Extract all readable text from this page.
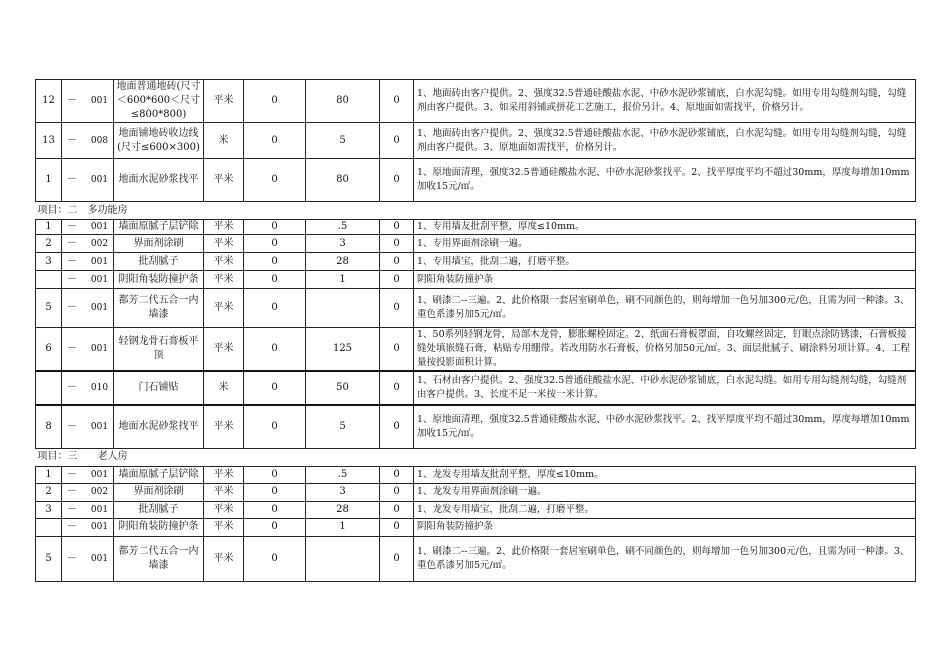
12	－ 001	地面普通地砖(尺寸＜600*600＜尺寸≤800*800)	平米	0	80	0	1、地面砖由客户提供。2、强度32.5普通硅酸盐水泥、中砂水泥砂浆铺底，白水泥勾缝。如用专用勾缝剂勾缝，勾缝剂由客户提供。3、如采用斜铺或拼花工艺施工，报价另计。4、原地面如需找平，价格另计。
13	－ 008	地面铺地砖收边线(尺寸≤600×300)	米	0	5	0	1、地面砖由客户提供。2、强度32.5普通硅酸盐水泥、中砂水泥砂浆铺底，白水泥勾缝。如用专用勾缝剂勾缝，勾缝剂由客户提供。3、原地面如需找平，价格另计。
1	－ 001	地面水泥砂浆找平	平米	0	80	0	1、原地面清理，强度32.5普通硅酸盐水泥、中砂水泥砂浆找平。2、找平厚度平均不超过30mm，厚度每增加10mm加收15元/㎡。
项目：二　多功能房							
1	－ 001	墙面原腻子层铲除	平米	0	.5	0	1、专用墙友批刮平整，厚度≤10mm。
2	－ 002	界面剂涂刷	平米	0	3	0	1、专用界面剂涂刷一遍。
3	－ 001	批刮腻子	平米	0	28	0	1、专用墙宝，批刮二遍，打磨平整。
	－ 001	阴阳角装防撞护条	平米	0	1	0	阴阳角装防撞护条
5	－ 001	都芳二代五合一内墙漆	平米	0		0	1、刷漆二--三遍。2、此价格限一套居室刷单色，刷不同颜色的，则每增加一色另加300元/色，且需为同一种漆。3、重色系漆另加5元/㎡。
6	－ 001	轻钢龙骨石膏板平顶	平米	0	125	0	1、50系列轻钢龙骨，局部木龙骨，膨胀螺栓固定。2、纸面石膏板罩面，自攻螺丝固定，钉眼点涂防锈漆，石膏板接缝处填嵌缝石膏，粘贴专用绷带。若改用防水石膏板，价格另加50元/㎡。3、面层批腻子、刷涂料另项计算。4、工程量按投影面积计算。
	－ 010	门石铺贴	米	0	50	0	1、石材由客户提供。2、强度32.5普通硅酸盐水泥、中砂水泥砂浆铺底，白水泥勾缝。如用专用勾缝剂勾缝，勾缝剂由客户提供。3、长度不足一米按一米计算。
8	－ 001	地面水泥砂浆找平	平米	0	5	0	1、原地面清理，强度32.5普通硅酸盐水泥、中砂水泥砂浆找平。2、找平厚度平均不超过30mm，厚度每增加10mm加收15元/㎡。
项目：三　　老人房							
1	－ 001	墙面原腻子层铲除	平米	0	.5	0	1、龙发专用墙友批刮平整，厚度≤10mm。
2	－ 002	界面剂涂刷	平米	0	3	0	1、龙发专用界面剂涂刷一遍。
3	－ 001	批刮腻子	平米	0	28	0	1、龙发专用墙宝，批刮二遍，打磨平整。
	－ 001	阴阳角装防撞护条	平米	0	1	0	阴阳角装防撞护条
5	－ 001	都芳二代五合一内墙漆	平米	0		0	1、刷漆二--三遍。2、此价格限一套居室刷单色，刷不同颜色的，则每增加一色另加300元/色，且需为同一种漆。3、重色系漆另加5元/㎡。
